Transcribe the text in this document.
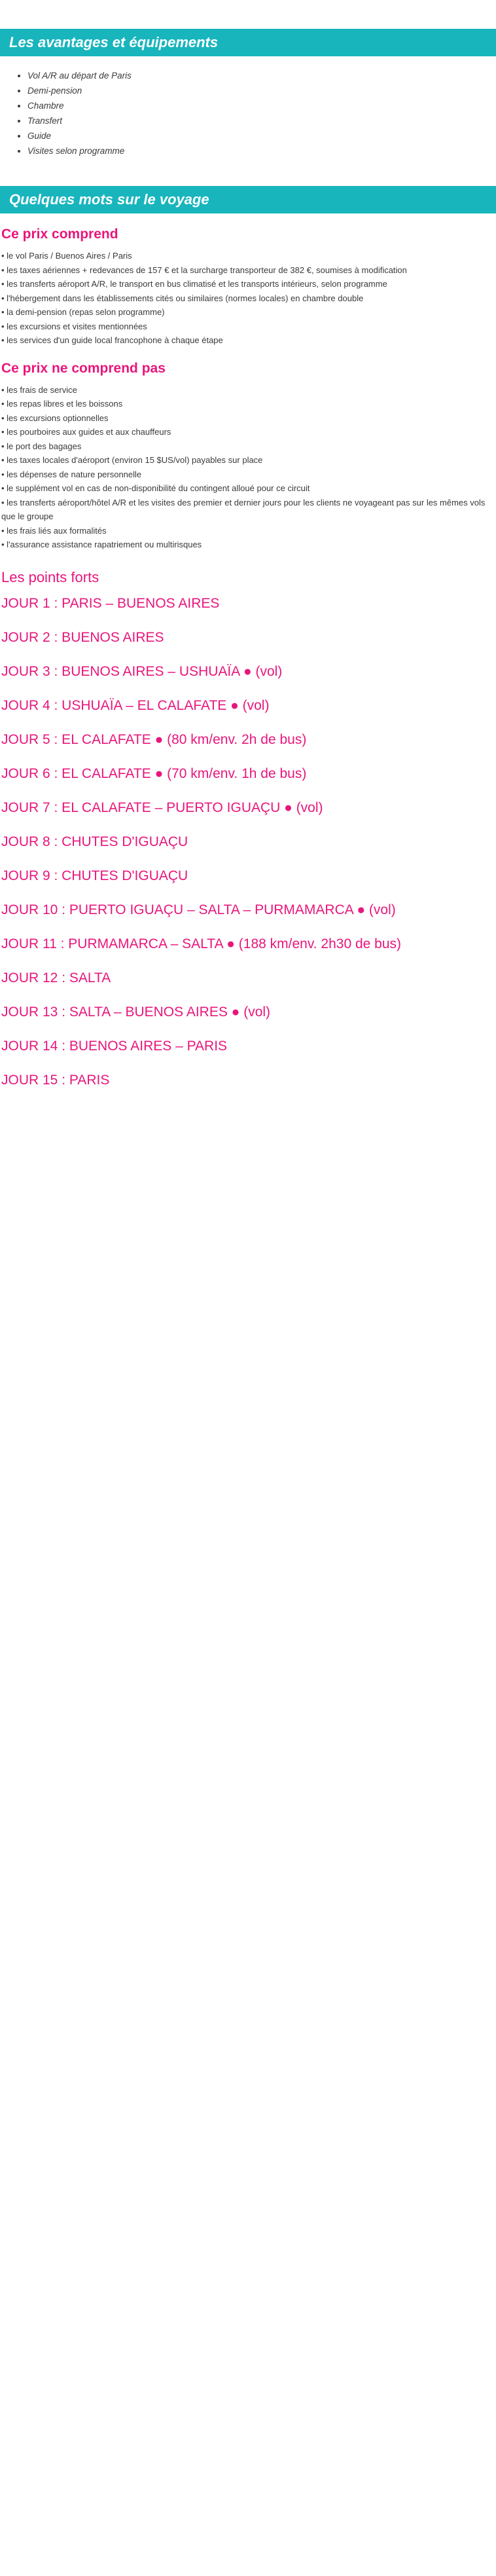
Les avantages et équipements
• Vol A/R au départ de Paris
• Demi-pension
• Chambre
• Transfert
• Guide
• Visites selon programme
Quelques mots sur le voyage
Ce prix comprend
• le vol Paris / Buenos Aires / Paris
• les taxes aériennes + redevances de 157 € et la surcharge transporteur de 382 €, soumises à modification
• les transferts aéroport A/R, le transport en bus climatisé et les transports intérieurs, selon programme
• l'hébergement dans les établissements cités ou similaires (normes locales) en chambre double
• la demi-pension (repas selon programme)
• les excursions et visites mentionnées
• les services d'un guide local francophone à chaque étape
Ce prix ne comprend pas
• les frais de service
• les repas libres et les boissons
• les excursions optionnelles
• les pourboires aux guides et aux chauffeurs
• le port des bagages
• les taxes locales d'aéroport (environ 15 $US/vol) payables sur place
• les dépenses de nature personnelle
• le supplément vol en cas de non-disponibilité du contingent alloué pour ce circuit
• les transferts aéroport/hôtel A/R et les visites des premier et dernier jours pour les clients ne voyageant pas sur les mêmes vols que le groupe
• les frais liés aux formalités
• l'assurance assistance rapatriement ou multirisques
Les points forts
JOUR 1 : PARIS – BUENOS AIRES
JOUR 2 : BUENOS AIRES
JOUR 3 : BUENOS AIRES – USHUAÏA ● (vol)
JOUR 4 : USHUAÏA – EL CALAFATE ● (vol)
JOUR 5 : EL CALAFATE ● (80 km/env. 2h de bus)
JOUR 6 : EL CALAFATE ● (70 km/env. 1h de bus)
JOUR 7 : EL CALAFATE – PUERTO IGUAÇU ● (vol)
JOUR 8 : CHUTES D'IGUAÇU
JOUR 9 : CHUTES D'IGUAÇU
JOUR 10 : PUERTO IGUAÇU – SALTA – PURMAMARCA ● (vol)
JOUR 11 : PURMAMARCA – SALTA ● (188 km/env. 2h30 de bus)
JOUR 12 : SALTA
JOUR 13 : SALTA – BUENOS AIRES ● (vol)
JOUR 14 : BUENOS AIRES – PARIS
JOUR 15 : PARIS
